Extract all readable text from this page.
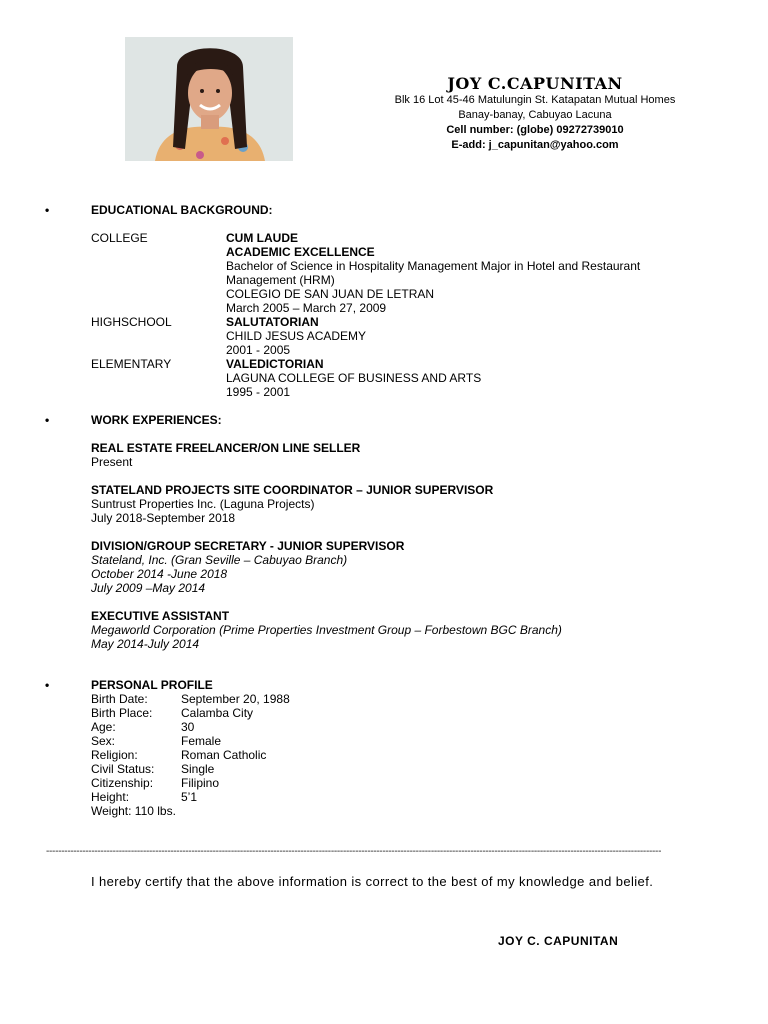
JOY C.CAPUNITAN
Blk 16 Lot 45-46 Matulungin St. Katapatan Mutual Homes
Banay-banay, Cabuyao Lacuna
Cell number: (globe) 09272739010
E-add: j_capunitan@yahoo.com
•	EDUCATIONAL BACKGROUND:
COLLEGE	CUM LAUDE
ACADEMIC EXCELLENCE
Bachelor of Science in Hospitality Management Major in Hotel and Restaurant
Management (HRM)
COLEGIO DE SAN JUAN DE LETRAN
March 2005 – March 27, 2009
HIGHSCHOOL	SALUTATORIAN
CHILD JESUS ACADEMY
2001 - 2005
ELEMENTARY	VALEDICTORIAN
LAGUNA COLLEGE OF BUSINESS AND ARTS
1995 - 2001
•	WORK EXPERIENCES:
REAL ESTATE FREELANCER/ON LINE SELLER
Present
STATELAND PROJECTS SITE COORDINATOR – JUNIOR SUPERVISOR
Suntrust Properties Inc. (Laguna Projects)
July 2018-September 2018
DIVISION/GROUP SECRETARY - JUNIOR SUPERVISOR
Stateland, Inc. (Gran Seville – Cabuyao Branch)
October 2014 -June 2018
July 2009 –May 2014
EXECUTIVE ASSISTANT
Megaworld Corporation (Prime Properties Investment Group – Forbestown BGC Branch)
May 2014-July 2014
•	PERSONAL PROFILE
Birth Date:	September 20, 1988
Birth Place:	Calamba City
Age:	30
Sex:	Female
Religion:	Roman Catholic
Civil Status:	Single
Citizenship:	Filipino
Height:	5’1
Weight: 110 lbs.
-----------------------------------------------------------------------------------------------------------------------------------------------------------------------------------------------------------
I hereby certify that the above information is correct to the best of my knowledge and belief.
JOY C. CAPUNITAN
